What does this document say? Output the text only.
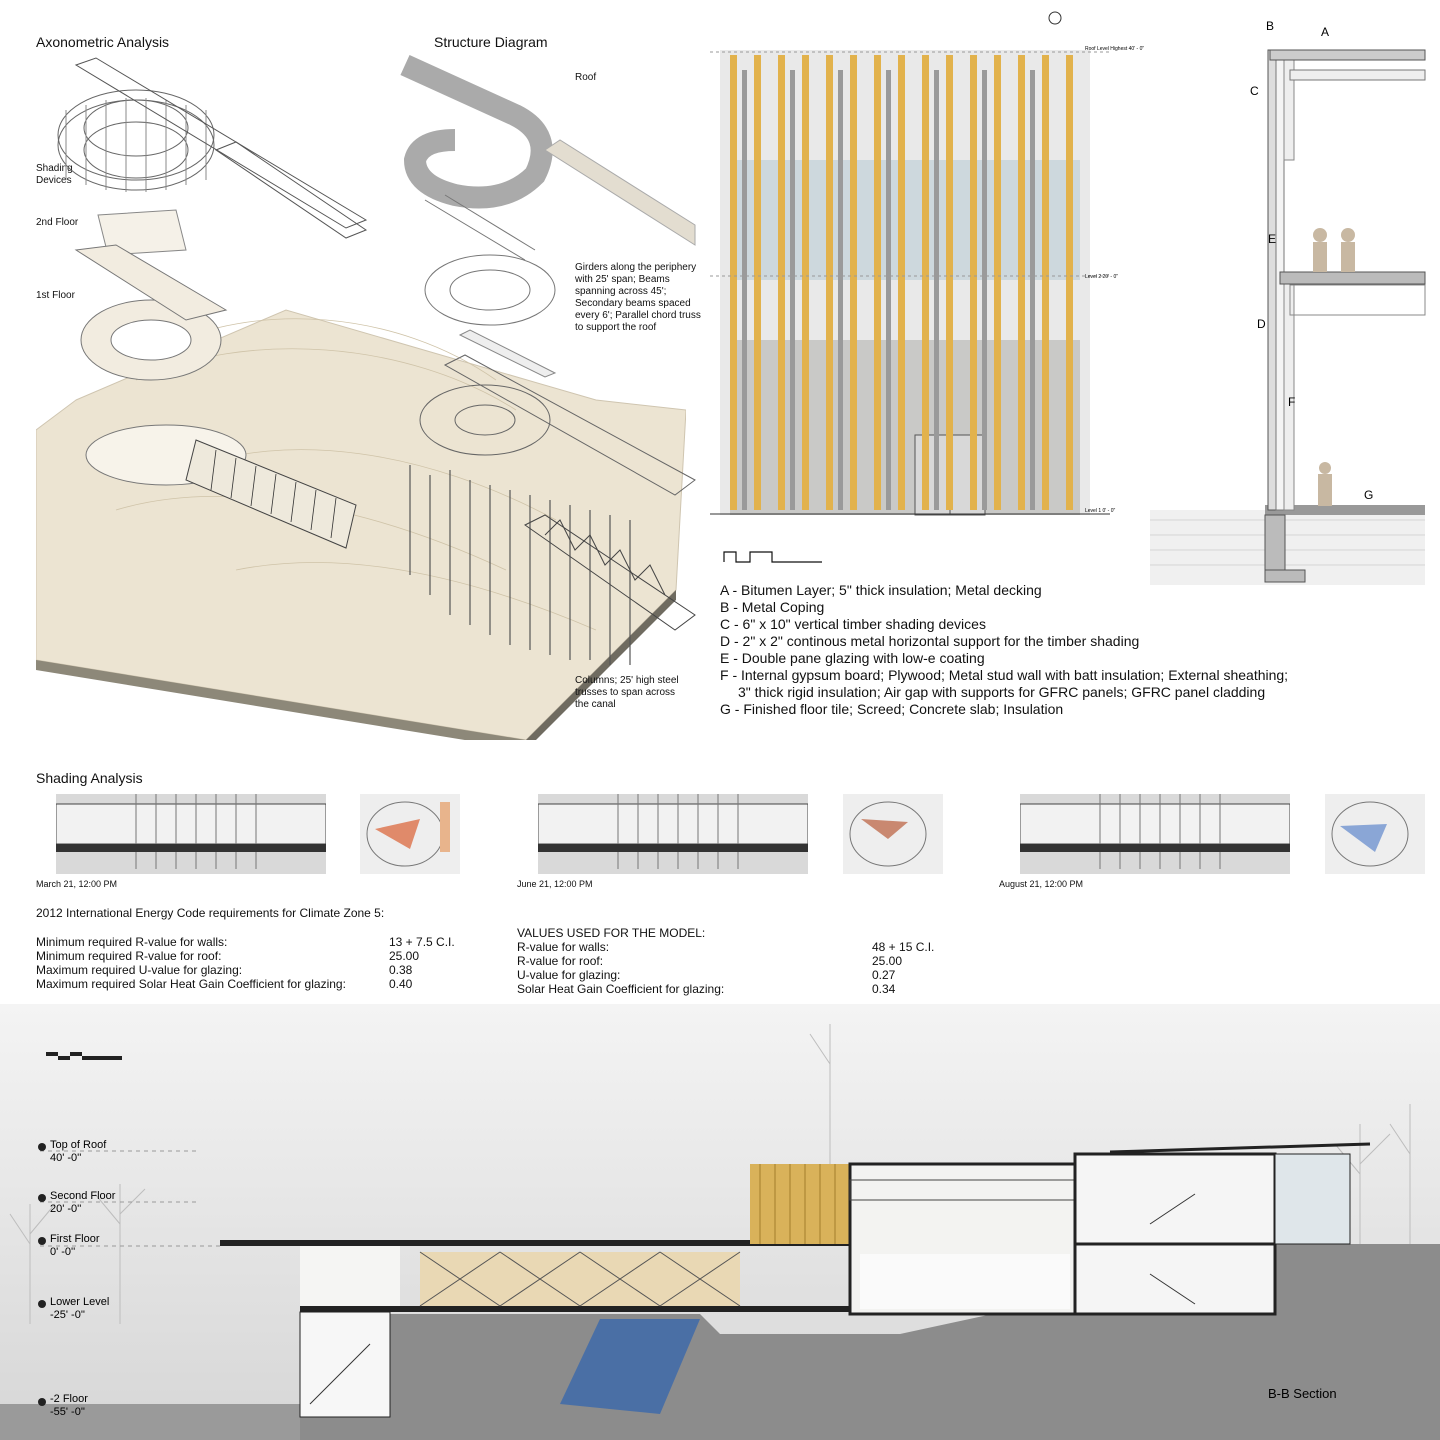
Axonometric Analysis
Shading Devices
2nd Floor
1st Floor
Structure Diagram
Roof
Girders along the periphery with 25' span; Beams spanning across 45'; Secondary beams spaced every 6'; Parallel chord truss to support the roof
Columns; 25' high steel trusses to span across the canal
Roof Level Highest 40' - 0"
Level 2 20' - 0"
Level 1 0' - 0"
B	A
C
E
D
F
G
A - Bitumen Layer; 5" thick insulation; Metal decking
B - Metal Coping
C - 6" x 10" vertical timber shading devices
D - 2" x 2" continous metal horizontal support for the timber shading
E - Double pane glazing with low-e coating
F - Internal gypsum board; Plywood; Metal stud wall with batt insulation; External sheathing;
3" thick rigid insulation; Air gap with supports for GFRC panels; GFRC panel cladding
G - Finished floor tile; Screed; Concrete slab; Insulation
Shading Analysis
March 21, 12:00 PM	June 21, 12:00 PM	August 21, 12:00 PM
2012 International Energy Code requirements for Climate Zone 5:
Minimum required R-value for walls:	13 + 7.5 C.I.
Minimum required R-value for roof:	25.00
Maximum required U-value for glazing:	0.38
Maximum required Solar Heat Gain Coefficient for glazing:	0.40
VALUES USED FOR THE MODEL:
R-value for walls:	48 + 15 C.I.
R-value for roof:	25.00
U-value for glazing:	0.27
Solar Heat Gain Coefficient for glazing:	0.34
Top of Roof
40' -0''
Second Floor
20' -0''
First Floor
0' -0''
Lower Level
-25' -0''
-2 Floor
-55' -0''
B-B Section
